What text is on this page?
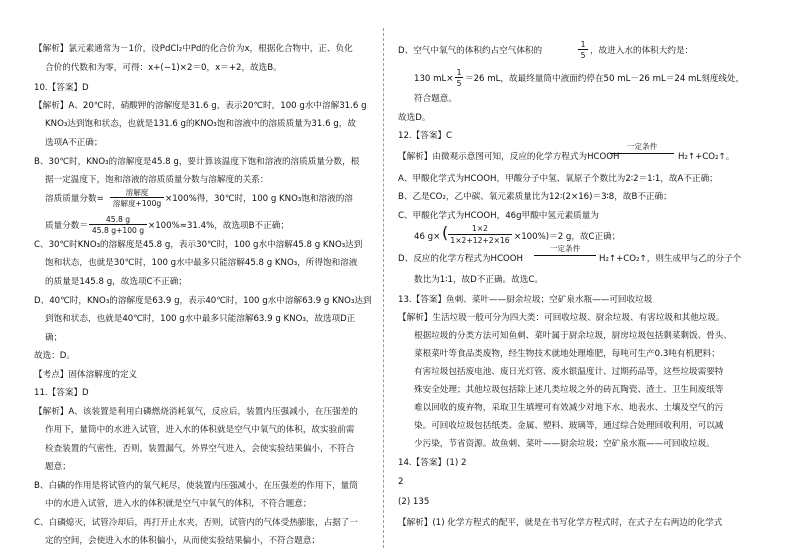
【解析】氯元素通常为－1价，设PdCl₂中Pd的化合价为x，根据化合物中，正、负化
合价的代数和为零，可得：x+(−1)×2＝0，x＝+2，故选B。
10.【答案】D
【解析】A、20℃时，硝酸钾的溶解度是31.6 g，表示20℃时，100 g水中溶解31.6 g
KNO₃达到饱和状态，也就是131.6 g的KNO₃饱和溶液中的溶质质量为31.6 g，故
选项A不正确；
B、30℃时，KNO₃的溶解度是45.8 g，要计算该温度下饱和溶液的溶质质量分数，根
据一定温度下，饱和溶液的溶质质量分数与溶解度的关系：
溶质质量分数=
溶解度
溶解度+100g ×100%得，30℃时，100 g KNO₃饱和溶液的溶
质量分数＝
45.8 g
45.8 g+100 g ×100%≈31.4%，故选项B不正确；
C、30℃时KNO₃的溶解度是45.8 g，表示30℃时，100 g水中溶解45.8 g KNO₃达到
饱和状态，也就是30℃时，100 g水中最多只能溶解45.8 g KNO₃，所得饱和溶液
的质量是145.8 g，故选项C不正确；
D、40℃时，KNO₃的溶解度是63.9 g，表示40℃时，100 g水中溶解63.9 g KNO₃达到
到饱和状态，也就是40℃时，100 g水中最多只能溶解63.9 g KNO₃，故选项D正
确；
故选：D。
【考点】固体溶解度的定义
11.【答案】D
【解析】A、该装置是利用白磷燃烧消耗氧气，反应后，装置内压强减小，在压强差的
作用下，量筒中的水进入试管，进入水的体积就是空气中氧气的体积，故实验前需
检查装置的气密性，否则，装置漏气，外界空气进入，会使实验结果偏小，不符合
题意；
B、白磷的作用是将试管内的氧气耗尽，使装置内压强减小，在压强差的作用下，量筒
中的水进入试管，进入水的体积就是空气中氧气的体积，不符合题意；
C、白磷熄灭，试管冷却后，再打开止水夹，否则，试管内的气体受热膨胀，占据了一
定的空间，会使进入水的体积偏小，从而使实验结果偏小，不符合题意；
D、空气中氧气的体积约占空气体积的
1
5 ，故进入水的体积大约是：
130 mL×
1
5 ＝26 mL，故最终量筒中液面约停在50 mL－26 mL＝24 mL刻度线处，
符合题意。
故选D。
12.【答案】C
【解析】由微观示意图可知，反应的化学方程式为HCOOH
一定条件
H₂↑+CO₂↑。
A、甲酸化学式为HCOOH，甲酸分子中氢、氧原子个数比为2∶2＝1∶1，故A不正确；
B、乙是CO₂，乙中碳、氧元素质量比为12∶(2×16)＝3∶8，故B不正确；
C、甲酸化学式为HCOOH，46g甲酸中氢元素质量为
46 g× (	1×2
1×2+12+2×16 ×100%)＝2 g，故C正确；
D、反应的化学方程式为HCOOH
一定条件
H₂↑+CO₂↑，则生成甲与乙的分子个
数比为1∶1，故D不正确。故选C。
13.【答案】鱼刺、菜叶——厨余垃圾；空矿泉水瓶——可回收垃圾
【解析】生活垃圾一般可分为四大类：可回收垃圾、厨余垃圾、有害垃圾和其他垃圾。
根据垃圾的分类方法可知鱼刺、菜叶属于厨余垃圾，厨房垃圾包括剩菜剩饭、骨头、
菜根菜叶等食品类废物，经生物技术就地处理堆肥，每吨可生产0.3吨有机肥料；
有害垃圾包括废电池、废日光灯管、废水银温度计、过期药品等，这些垃圾需要特
殊安全处理；其他垃圾包括除上述几类垃圾之外的砖瓦陶瓷、渣土、卫生间废纸等
难以回收的废弃物，采取卫生填埋可有效减少对地下水、地表水、土壤及空气的污
染。可回收垃圾包括纸类、金属、塑料、玻璃等，通过综合处理回收利用，可以减
少污染，节省资源。故鱼刺、菜叶——厨余垃圾；空矿泉水瓶——可回收垃圾。
14.【答案】(1) 2
2
(2) 135
【解析】(1) 化学方程式的配平，就是在书写化学方程式时，在式子左右两边的化学式
